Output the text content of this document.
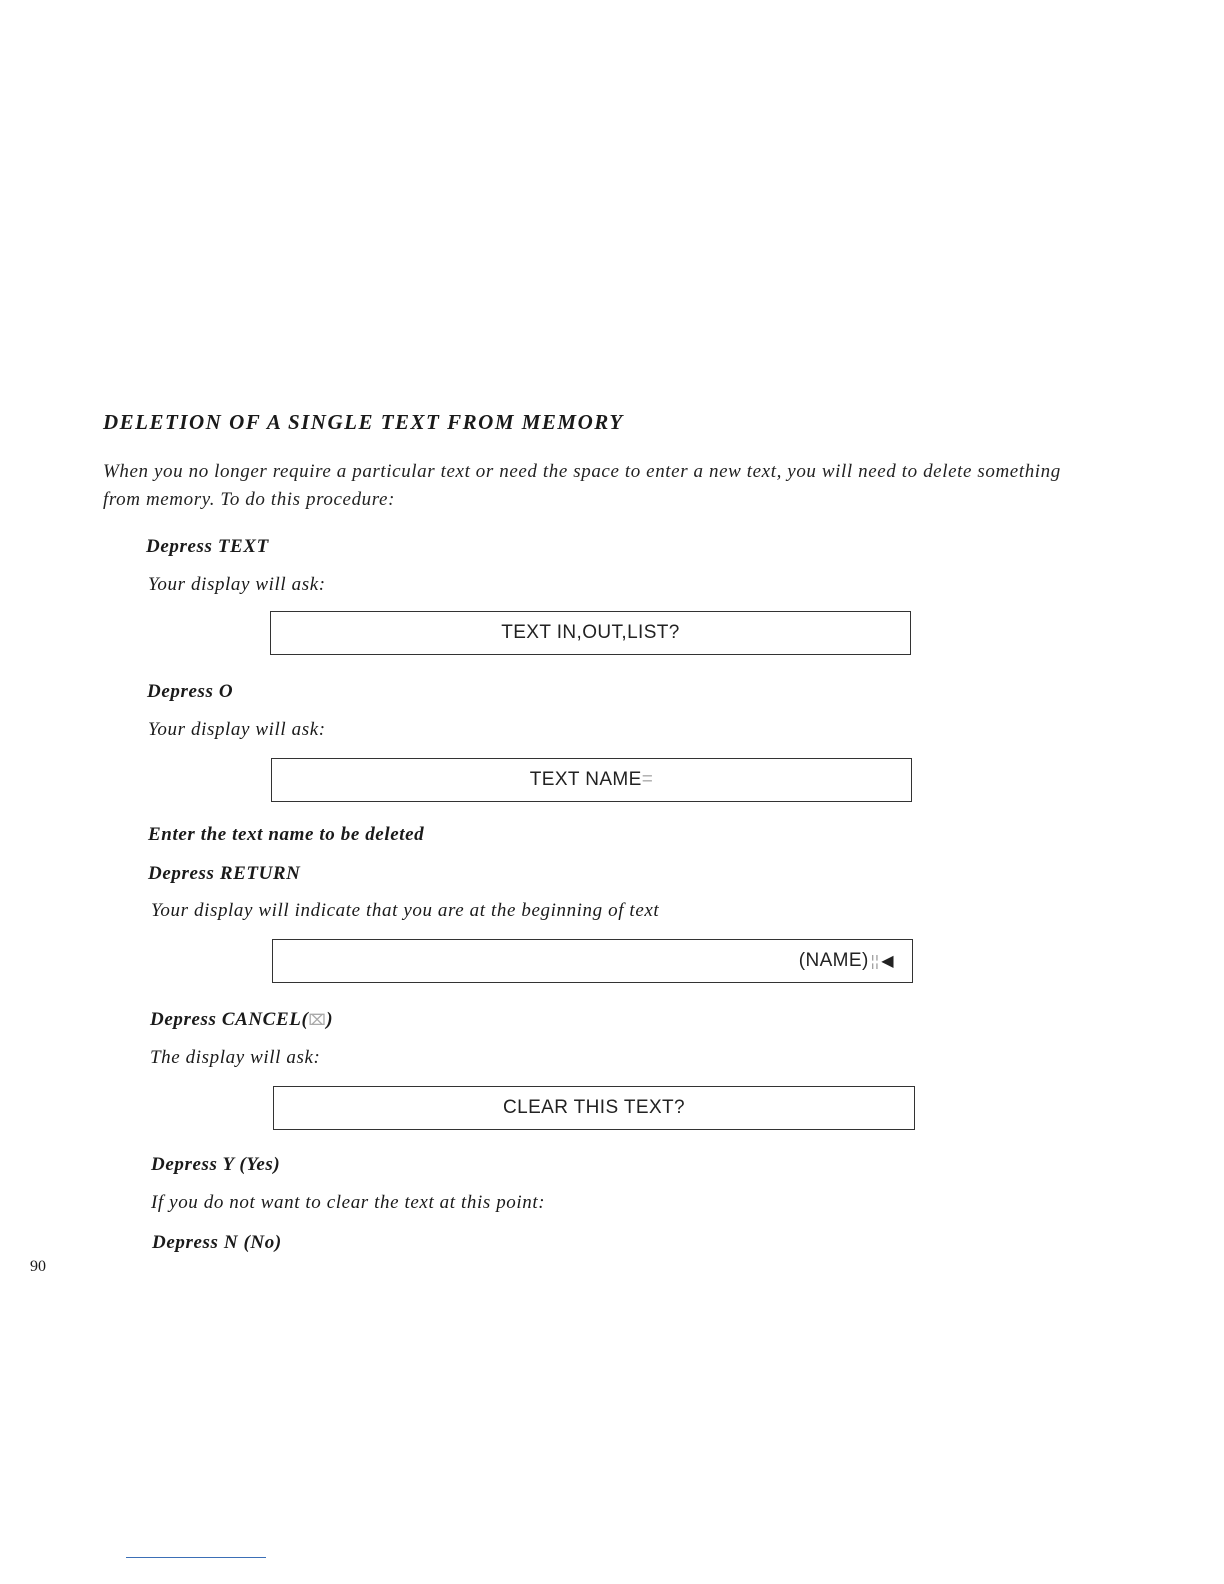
DELETION OF A SINGLE TEXT FROM MEMORY

When you no longer require a particular text or need the space to enter a new text, you will need to delete something from memory. To do this procedure:

Depress TEXT

Your display will ask:

TEXT IN,OUT,LIST?

Depress O

Your display will ask:

TEXT NAME =

Enter the text name to be deleted

Depress RETURN

Your display will indicate that you are at the beginning of text

(NAME) ¦¦ ◀

Depress CANCEL(⌧)

The display will ask:

CLEAR THIS TEXT?

Depress Y (Yes)

If you do not want to clear the text at this point:

Depress N (No)

90
